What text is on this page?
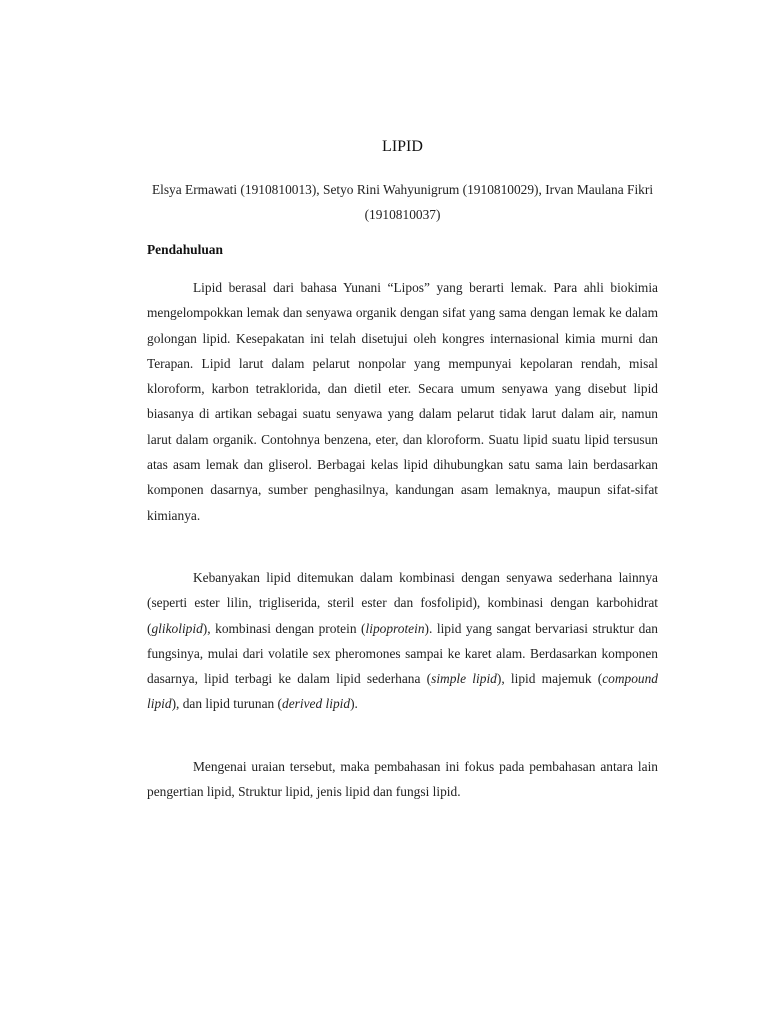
LIPID

Elsya Ermawati (1910810013), Setyo Rini Wahyunigrum (1910810029), Irvan Maulana Fikri (1910810037)

Pendahuluan

Lipid berasal dari bahasa Yunani “Lipos” yang berarti lemak. Para ahli biokimia mengelompokkan lemak dan senyawa organik dengan sifat yang sama dengan lemak ke dalam golongan lipid. Kesepakatan ini telah disetujui oleh kongres internasional kimia murni dan Terapan. Lipid larut dalam pelarut nonpolar yang mempunyai kepolaran rendah, misal kloroform, karbon tetraklorida, dan dietil eter. Secara umum senyawa yang disebut lipid biasanya di artikan sebagai suatu senyawa yang dalam pelarut tidak larut dalam air, namun larut dalam organik. Contohnya benzena, eter, dan kloroform. Suatu lipid suatu lipid tersusun atas asam lemak dan gliserol. Berbagai kelas lipid dihubungkan satu sama lain berdasarkan komponen dasarnya, sumber penghasilnya, kandungan asam lemaknya, maupun sifat-sifat kimianya.

Kebanyakan lipid ditemukan dalam kombinasi dengan senyawa sederhana lainnya (seperti ester lilin, trigliserida, steril ester dan fosfolipid), kombinasi dengan karbohidrat (glikolipid), kombinasi dengan protein (lipoprotein). lipid yang sangat bervariasi struktur dan fungsinya, mulai dari volatile sex pheromones sampai ke karet alam. Berdasarkan komponen dasarnya, lipid terbagi ke dalam lipid sederhana (simple lipid), lipid majemuk (compound lipid), dan lipid turunan (derived lipid).

Mengenai uraian tersebut, maka pembahasan ini fokus pada pembahasan antara lain pengertian lipid, Struktur lipid, jenis lipid dan fungsi lipid.
